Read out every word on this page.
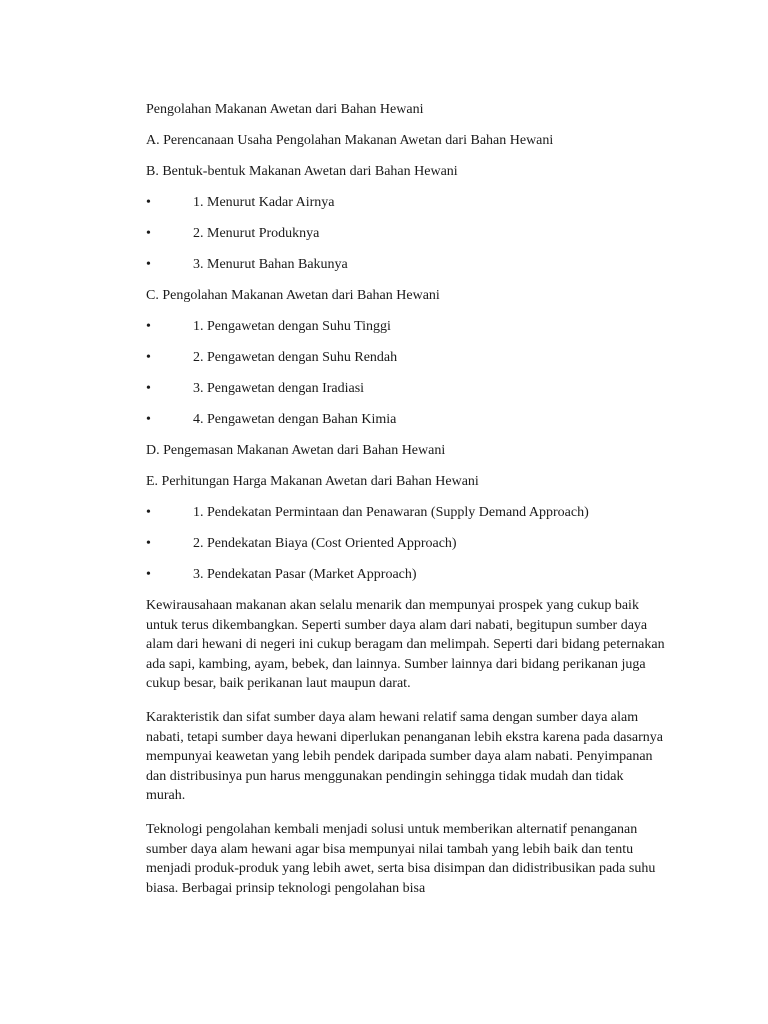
Pengolahan Makanan Awetan dari Bahan Hewani

A. Perencanaan Usaha Pengolahan Makanan Awetan dari Bahan Hewani

B. Bentuk-bentuk Makanan Awetan dari Bahan Hewani

•	1. Menurut Kadar Airnya
•	2. Menurut Produknya
•	3. Menurut Bahan Bakunya

C. Pengolahan Makanan Awetan dari Bahan Hewani

•	1. Pengawetan dengan Suhu Tinggi
•	2. Pengawetan dengan Suhu Rendah
•	3. Pengawetan dengan Iradiasi
•	4. Pengawetan dengan Bahan Kimia

D. Pengemasan Makanan Awetan dari Bahan Hewani

E. Perhitungan Harga Makanan Awetan dari Bahan Hewani

•	1. Pendekatan Permintaan dan Penawaran (Supply Demand Approach)
•	2. Pendekatan Biaya (Cost Oriented Approach)
•	3. Pendekatan Pasar (Market Approach)

Kewirausahaan makanan akan selalu menarik dan mempunyai prospek yang cukup baik untuk terus dikembangkan. Seperti sumber daya alam dari nabati, begitupun sumber daya alam dari hewani di negeri ini cukup beragam dan melimpah. Seperti dari bidang peternakan ada sapi, kambing, ayam, bebek, dan lainnya. Sumber lainnya dari bidang perikanan juga cukup besar, baik perikanan laut maupun darat.

Karakteristik dan sifat sumber daya alam hewani relatif sama dengan sumber daya alam nabati, tetapi sumber daya hewani diperlukan penanganan lebih ekstra karena pada dasarnya mempunyai keawetan yang lebih pendek daripada sumber daya alam nabati. Penyimpanan dan distribusinya pun harus menggunakan pendingin sehingga tidak mudah dan tidak murah.

Teknologi pengolahan kembali menjadi solusi untuk memberikan alternatif penanganan sumber daya alam hewani agar bisa mempunyai nilai tambah yang lebih baik dan tentu menjadi produk-produk yang lebih awet, serta bisa disimpan dan didistribusikan pada suhu biasa. Berbagai prinsip teknologi pengolahan bisa
